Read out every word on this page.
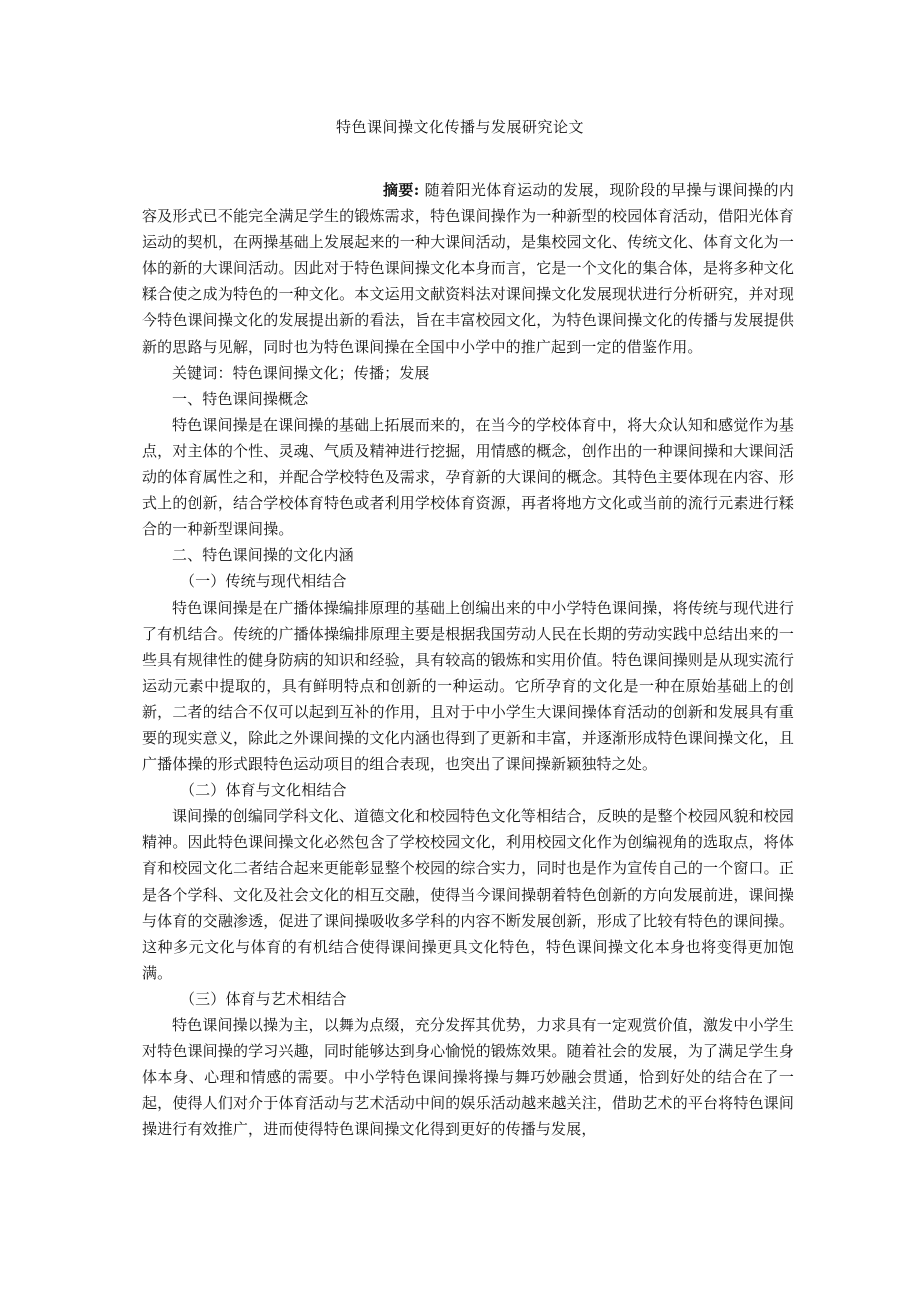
特色课间操文化传播与发展研究论文

摘要: 随着阳光体育运动的发展，现阶段的早操与课间操的内容及形式已不能完全满足学生的锻炼需求，特色课间操作为一种新型的校园体育活动，借阳光体育运动的契机，在两操基础上发展起来的一种大课间活动，是集校园文化、传统文化、体育文化为一体的新的大课间活动。因此对于特色课间操文化本身而言，它是一个文化的集合体，是将多种文化糅合使之成为特色的一种文化。本文运用文献资料法对课间操文化发展现状进行分析研究，并对现今特色课间操文化的发展提出新的看法，旨在丰富校园文化，为特色课间操文化的传播与发展提供新的思路与见解，同时也为特色课间操在全国中小学中的推广起到一定的借鉴作用。

关键词：特色课间操文化；传播；发展

一、特色课间操概念

特色课间操是在课间操的基础上拓展而来的，在当今的学校体育中，将大众认知和感觉作为基点，对主体的个性、灵魂、气质及精神进行挖掘，用情感的概念，创作出的一种课间操和大课间活动的体育属性之和，并配合学校特色及需求，孕育新的大课间的概念。其特色主要体现在内容、形式上的创新，结合学校体育特色或者利用学校体育资源，再者将地方文化或当前的流行元素进行糅合的一种新型课间操。

二、特色课间操的文化内涵

（一）传统与现代相结合

特色课间操是在广播体操编排原理的基础上创编出来的中小学特色课间操，将传统与现代进行了有机结合。传统的广播体操编排原理主要是根据我国劳动人民在长期的劳动实践中总结出来的一些具有规律性的健身防病的知识和经验，具有较高的锻炼和实用价值。特色课间操则是从现实流行运动元素中提取的，具有鲜明特点和创新的一种运动。它所孕育的文化是一种在原始基础上的创新，二者的结合不仅可以起到互补的作用，且对于中小学生大课间操体育活动的创新和发展具有重要的现实意义，除此之外课间操的文化内涵也得到了更新和丰富，并逐渐形成特色课间操文化，且广播体操的形式跟特色运动项目的组合表现，也突出了课间操新颖独特之处。

（二）体育与文化相结合

课间操的创编同学科文化、道德文化和校园特色文化等相结合，反映的是整个校园风貌和校园精神。因此特色课间操文化必然包含了学校校园文化，利用校园文化作为创编视角的选取点，将体育和校园文化二者结合起来更能彰显整个校园的综合实力，同时也是作为宣传自己的一个窗口。正是各个学科、文化及社会文化的相互交融，使得当今课间操朝着特色创新的方向发展前进，课间操与体育的交融渗透，促进了课间操吸收多学科的内容不断发展创新，形成了比较有特色的课间操。这种多元文化与体育的有机结合使得课间操更具文化特色，特色课间操文化本身也将变得更加饱满。

（三）体育与艺术相结合

特色课间操以操为主，以舞为点缀，充分发挥其优势，力求具有一定观赏价值，激发中小学生对特色课间操的学习兴趣，同时能够达到身心愉悦的锻炼效果。随着社会的发展，为了满足学生身体本身、心理和情感的需要。中小学特色课间操将操与舞巧妙融会贯通，恰到好处的结合在了一起，使得人们对介于体育活动与艺术活动中间的娱乐活动越来越关注，借助艺术的平台将特色课间操进行有效推广，进而使得特色课间操文化得到更好的传播与发展，
